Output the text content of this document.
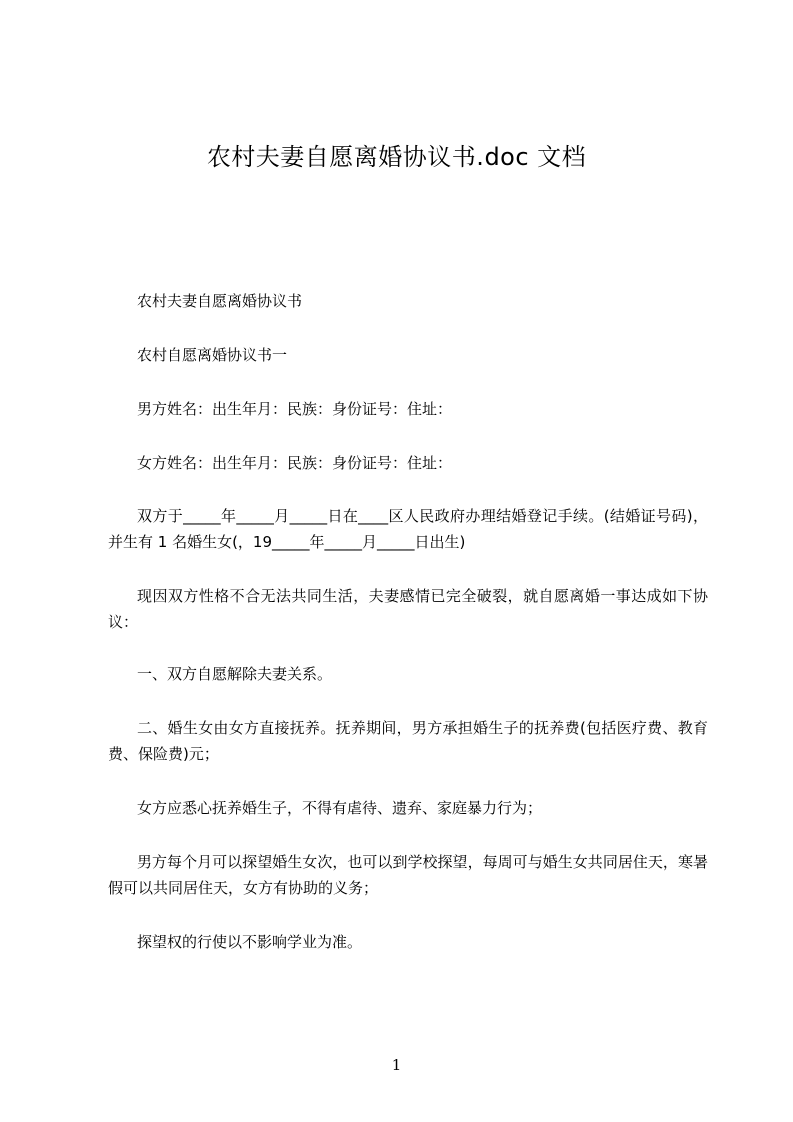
农村夫妻自愿离婚协议书.doc 文档

农村夫妻自愿离婚协议书

农村自愿离婚协议书一

男方姓名：出生年月：民族：身份证号：住址：

女方姓名：出生年月：民族：身份证号：住址：

双方于_____年_____月_____日在____区人民政府办理结婚登记手续。(结婚证号码)，并生有 1 名婚生女(，19_____年_____月_____日出生)

现因双方性格不合无法共同生活，夫妻感情已完全破裂，就自愿离婚一事达成如下协议：

一、双方自愿解除夫妻关系。

二、婚生女由女方直接抚养。抚养期间，男方承担婚生子的抚养费(包括医疗费、教育费、保险费)元；

女方应悉心抚养婚生子，不得有虐待、遗弃、家庭暴力行为；

男方每个月可以探望婚生女次，也可以到学校探望，每周可与婚生女共同居住天，寒暑假可以共同居住天，女方有协助的义务；

探望权的行使以不影响学业为准。

1
